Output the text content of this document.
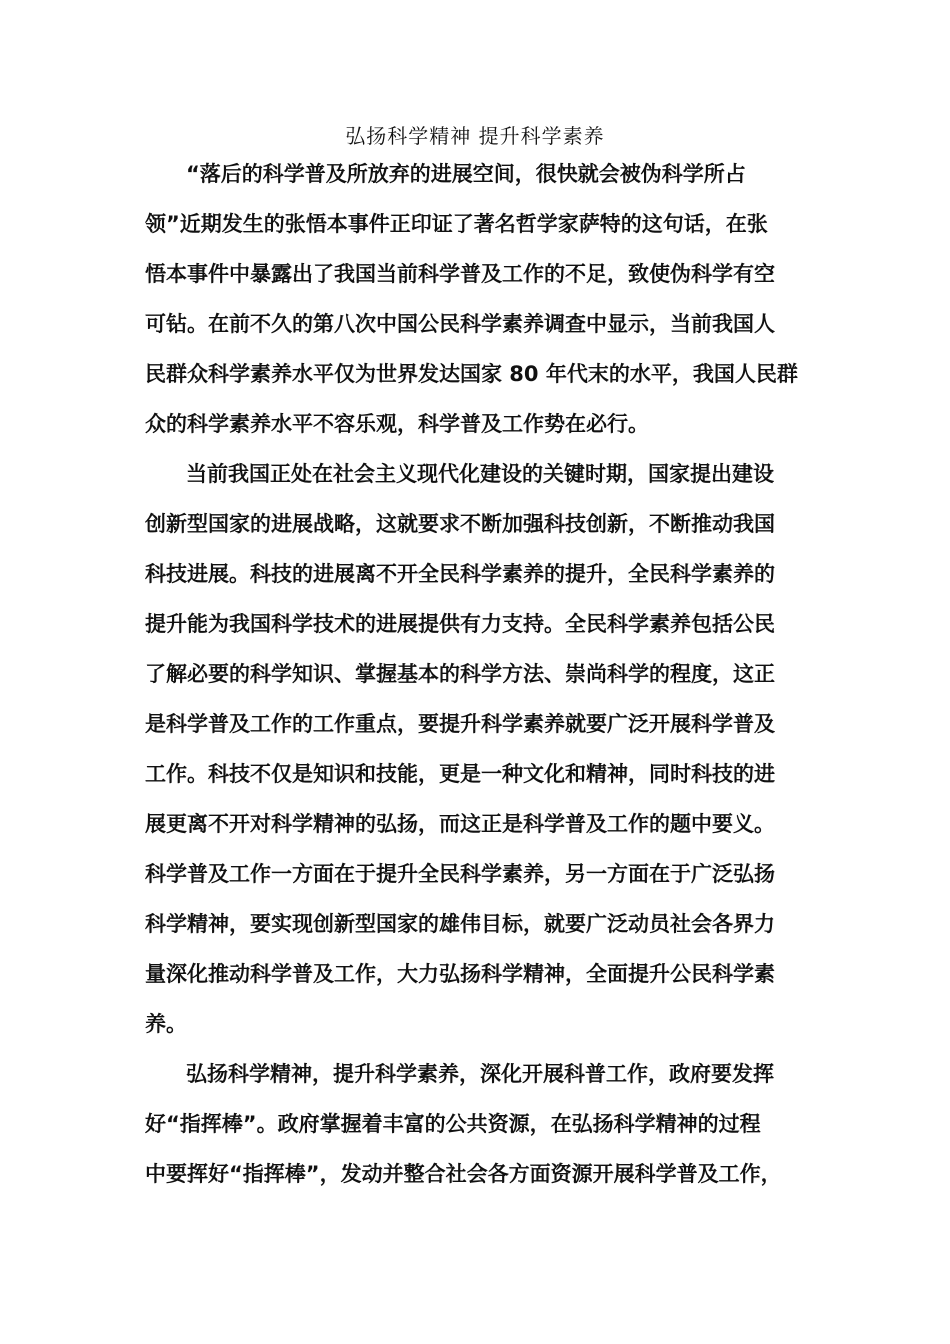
弘扬科学精神 提升科学素养
“落后的科学普及所放弃的进展空间，很快就会被伪科学所占
领”近期发生的张悟本事件正印证了著名哲学家萨特的这句话，在张
悟本事件中暴露出了我国当前科学普及工作的不足，致使伪科学有空
可钻。在前不久的第八次中国公民科学素养调查中显示，当前我国人
民群众科学素养水平仅为世界发达国家 80 年代末的水平，我国人民群
众的科学素养水平不容乐观，科学普及工作势在必行。
当前我国正处在社会主义现代化建设的关键时期，国家提出建设
创新型国家的进展战略，这就要求不断加强科技创新，不断推动我国
科技进展。科技的进展离不开全民科学素养的提升，全民科学素养的
提升能为我国科学技术的进展提供有力支持。全民科学素养包括公民
了解必要的科学知识、掌握基本的科学方法、崇尚科学的程度，这正
是科学普及工作的工作重点，要提升科学素养就要广泛开展科学普及
工作。科技不仅是知识和技能，更是一种文化和精神，同时科技的进
展更离不开对科学精神的弘扬，而这正是科学普及工作的题中要义。
科学普及工作一方面在于提升全民科学素养，另一方面在于广泛弘扬
科学精神，要实现创新型国家的雄伟目标，就要广泛动员社会各界力
量深化推动科学普及工作，大力弘扬科学精神，全面提升公民科学素
养。
弘扬科学精神，提升科学素养，深化开展科普工作，政府要发挥
好“指挥棒”。政府掌握着丰富的公共资源，在弘扬科学精神的过程
中要挥好“指挥棒”，发动并整合社会各方面资源开展科学普及工作，
